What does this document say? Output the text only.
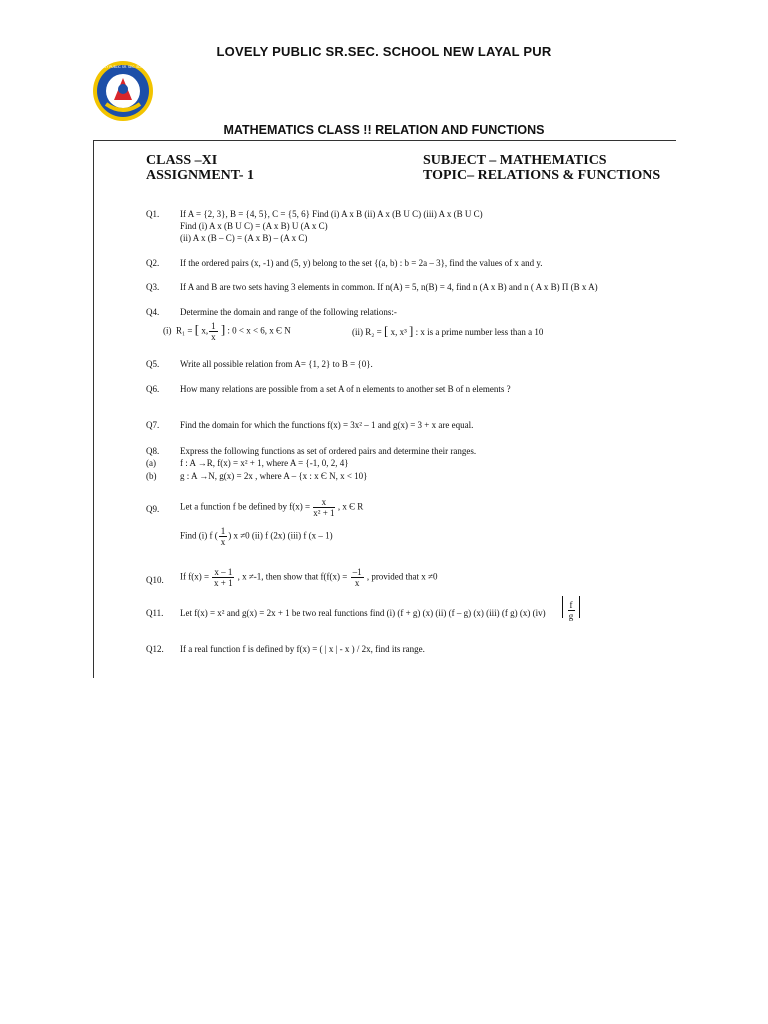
LOVELY PUBLIC SR.SEC. SCHOOL NEW LAYAL PUR
LOVELY PUBLIC SR. SEC. SCHOOL
MATHEMATICS CLASS !! RELATION AND FUNCTIONS
CLASS –XI
ASSIGNMENT- 1
SUBJECT – MATHEMATICS
TOPIC– RELATIONS & FUNCTIONS
Q1. If A = {2, 3}, B = {4, 5}, C = {5, 6} Find (i) A x B (ii) A x (B U C) (iii) A x (B U C)
Find (i) A x (B U C) = (A x B) U (A x C)
(ii) A x (B – C) = (A x B) – (A x C)
Q2. If the ordered pairs (x, -1) and (5, y) belong to the set {(a, b) : b = 2a – 3}, find the values of x and y.
Q3. If A and B are two sets having 3 elements in common. If n(A) = 5, n(B) = 4, find n (A x B) and n ( A x B) Π (B x A)
Q4. Determine the domain and range of the following relations:-
(i) R₁ = [ x, $\frac{1}{x}$ ] : 0 < x < 6, x Є N	(ii) R₂ = [ x, x³ ] : x is a prime number less than a 10
Q5. Write all possible relation from A= {1, 2} to B = {0}.
Q6. How many relations are possible from a set A of n elements to another set B of n elements ?
Q7. Find the domain for which the functions f(x) = 3x² – 1 and g(x) = 3 + x are equal.
Q8. Express the following functions as set of ordered pairs and determine their ranges.
(a)	f : A →R, f(x) = x² + 1, where A = {-1, 0, 2, 4}
(b)	g : A →N, g(x) = 2x , where A – {x : x Є N, x < 10}
Q9. Let a function f be defined by $f(x) = \frac{x}{\text{x² + 1}}$ , x Є R
Find (i) f ( $\frac{1}{x}$ ) x ≠0 (ii) f (2x) (iii) f (x – 1)
Q10. If $f(x) = \frac{x - 1}{x + 1}$ , x ≠-1, then show that $f(f(x) = \frac{-1}{x}$ , provided that x ≠0
Q11. Let f(x) = x² and g(x) = 2x + 1 be two real functions find (i) (f + g) (x) (ii) (f – g) (x) (iii) (f g) (x) $(iv) \frac{f}{g}$
Q12. If a real function f is defined by f(x) = ( | x | - x ) / 2x, find its range.
